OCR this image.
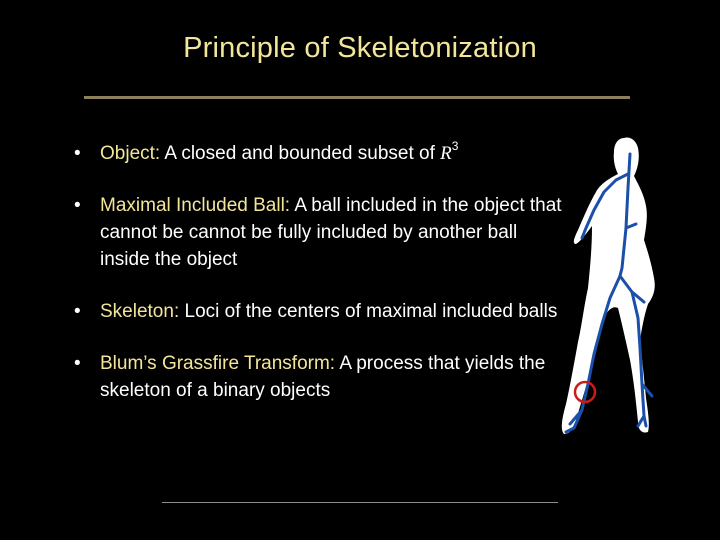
Principle of Skeletonization
• Object: A closed and bounded subset of $R^3$
• Maximal Included Ball: A ball included in the object that cannot be cannot be fully included by another ball inside the object
• Skeleton: Loci of the centers of maximal included balls
• Blum’s Grassfire Transform: A process that yields the skeleton of a binary objects
